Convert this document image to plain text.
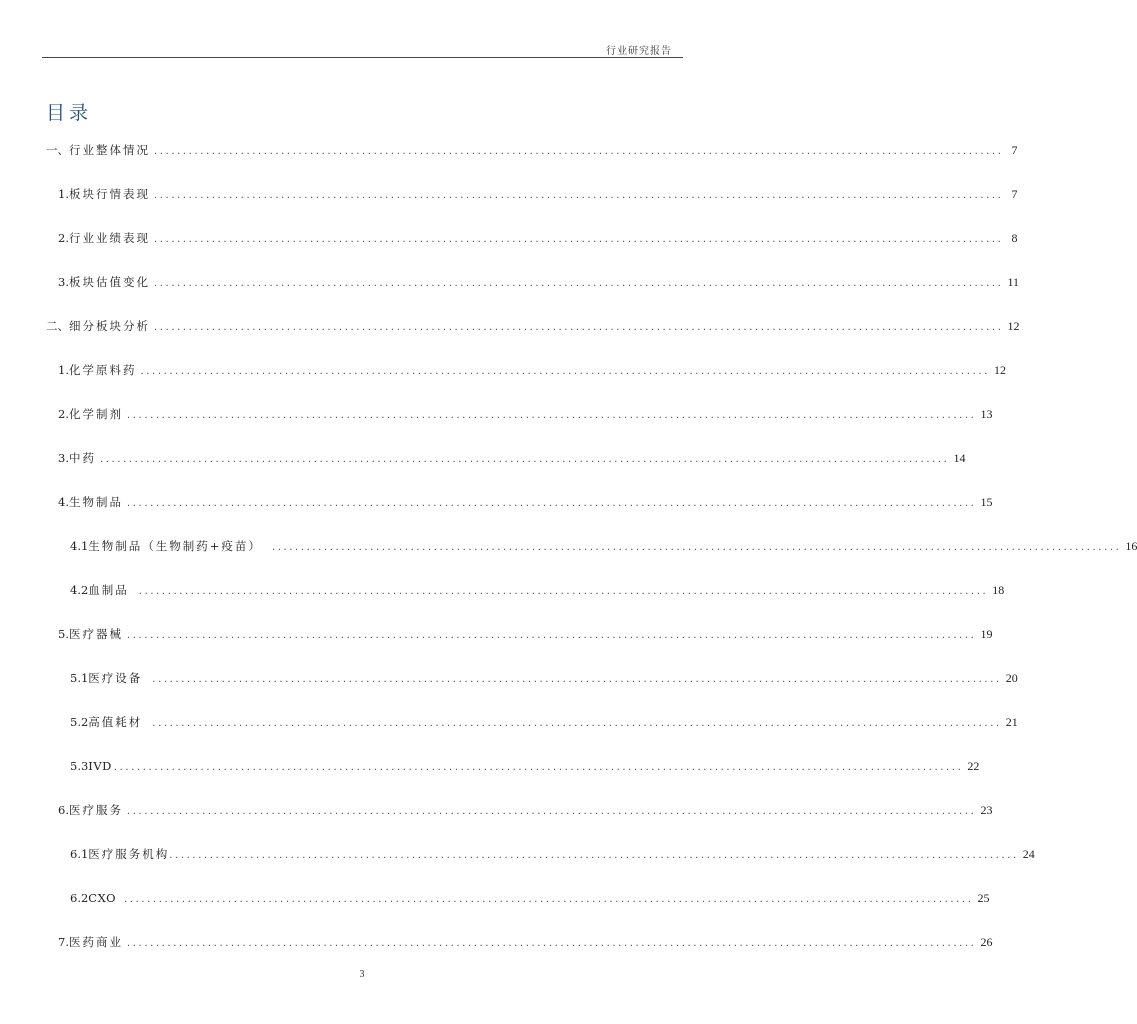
行业研究报告
目录
一、 行业整体情况 ................................................................................................................................................... 7
1. 板块行情表现 ................................................................................................................................................... 7
2. 行业业绩表现 ................................................................................................................................................... 8
3. 板块估值变化 ................................................................................................................................................... 11
二、 细分板块分析 ................................................................................................................................................... 12
1. 化学原料药 ................................................................................................................................................... 12
2. 化学制剂 ................................................................................................................................................... 13
3. 中药 ................................................................................................................................................... 14
4. 生物制品 ................................................................................................................................................... 15
4.1 生物制品（生物制药+疫苗） ................................................................................................................................................... 16
4.2 血制品 ................................................................................................................................................... 18
5. 医疗器械 ................................................................................................................................................... 19
5.1 医疗设备 ................................................................................................................................................... 20
5.2 高值耗材 ................................................................................................................................................... 21
5.3 IVD ................................................................................................................................................... 22
6. 医疗服务 ................................................................................................................................................... 23
6.1 医疗服务机构 ................................................................................................................................................... 24
6.2 CXO ................................................................................................................................................... 25
7. 医药商业 ................................................................................................................................................... 26
3
